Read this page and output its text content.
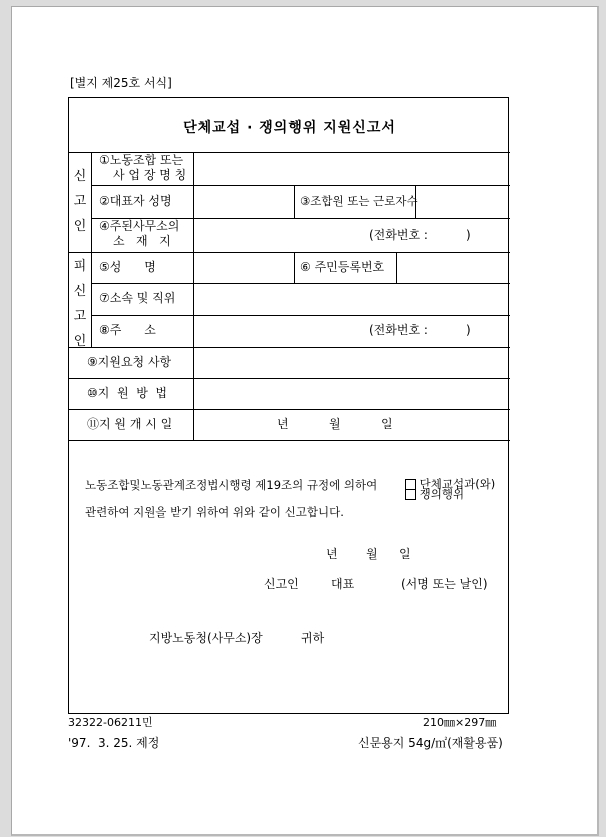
[별지 제25호 서식]
단체교섭 · 쟁의행위 지원신고서
신
고
인
피
신
고
인
①노동조합 또는
사 업 장 명 칭
②대표자 성명	③조합원 또는 근로자수
④주된사무소의
소   재   지	(전화번호 :          )
⑤성      명	⑥ 주민등록번호
⑦소속 및 직위
⑧주      소	(전화번호 :          )
⑨지원요청 사항
⑩지  원  방  법
⑪지 원 개 시 일	년	월	일
노동조합및노동관계조정법시행령 제19조의 규정에 의하여	단체교섭과(와)
쟁의행위
관련하여 지원을 받기 위하여 위와 같이 신고합니다.
년 월 일
신고인	대표	(서명 또는 날인)
지방노동청(사무소)장	귀하
32322-06211민	210㎜×297㎜
'97.  3. 25. 제정	신문용지 54g/㎡(재활용품)
